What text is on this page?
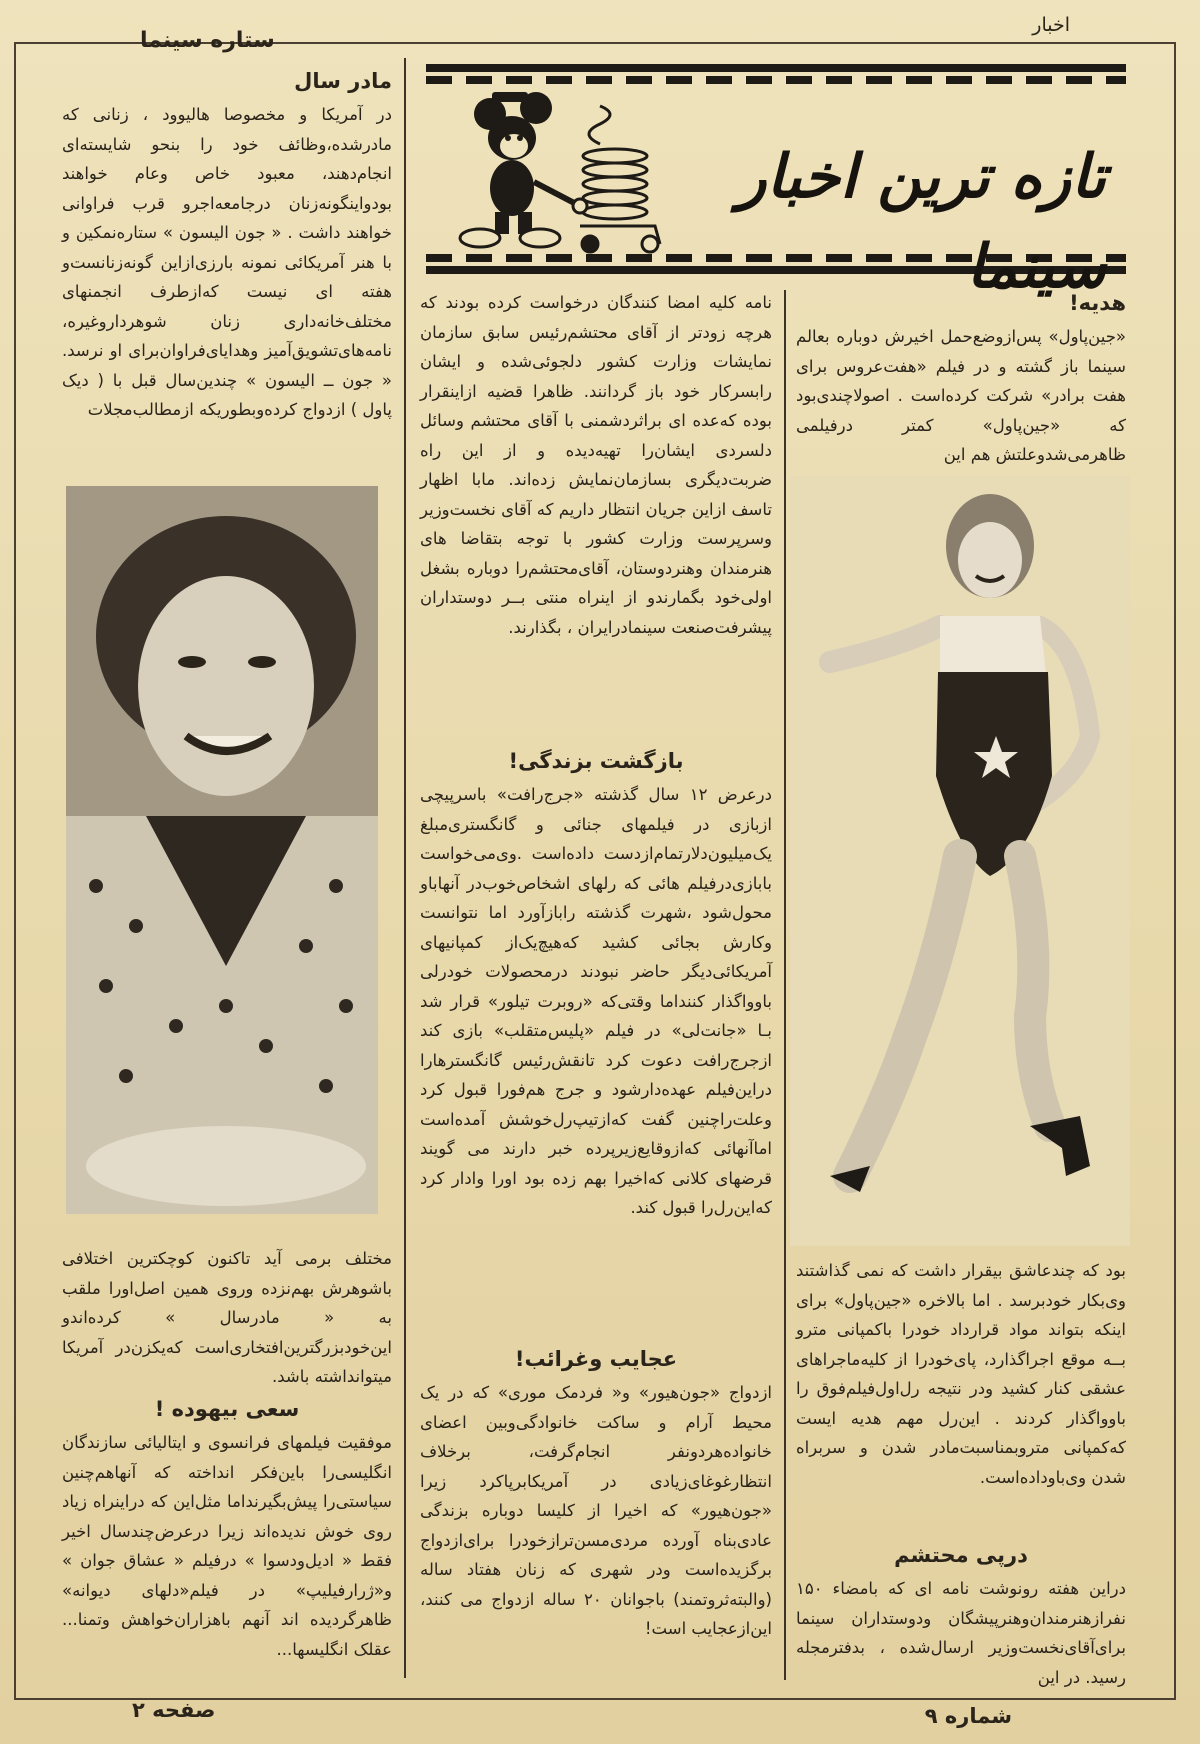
اخبار
ستاره سینما
تازه ترین اخبار سینما
مادر سال

در آمریکا و مخصوصا هالیوود ، زنانی که مادرشده،وظائف خود را بنحو شایسته‌ای انجام‌دهند، معبود خاص وعام خواهند بودواینگونه‌زنان درجامعه‌اجرو قرب فراوانی خواهند داشت . « جون الیسون » ستاره‌نمکین‌ و با هنر آمریکائی نمونه بارزی‌ازاین گونه‌زنانست‌و هفته ای نیست که‌ازطرف انجمنهای مختلف‌خانه‌داری زنان شوهردارو‌غیره، نامه‌های‌تشویق‌آمیز وهدایای‌فراوان‌برای او نرسد. « جون ــ الیسون » چندین‌سال قبل با ( دیک پاول ) ازدواج کرده‌وبطوریکه ازمطالب‌مجلات

مختلف برمی آید تاکنون کوچکترین اختلافی باشوهرش بهم‌نزده وروی همین اصل‌اورا ملقب به « مادرسال » کرده‌اندو این‌خودبزرگترین‌افتخاری‌است که‌یکزن‌در آمریکا میتوانداشته باشد.

سعی بیهوده !

موفقیت فیلمهای فرانسوی و ایتالیائی سازندگان انگلیسی‌را باین‌فکر انداخته که آنهاهم‌چنین سیاستی‌را پیش‌بگیرند‌اما مثل‌این که دراینراه زیاد روی خوش ندیده‌اند زیرا درعرض‌چندسال اخیر فقط « ادیل‌ودسوا » درفیلم « عشاق جوان » و«ژرارفیلیپ» در فیلم«دلهای دیوانه» ظاهرگردیده اند آنهم باهزاران‌خواهش وتمنا... عقلک انگلیسها...

نامه کلیه امضا کنندگان درخواست کرده بودند که هرچه زودتر از آقای محتشم‌رئیس سابق سازمان نمایشات وزارت کشور دلجوئی‌شده و ایشان رابسرکار خود باز گردانند. ظاهرا قضیه ازاینقرار بوده که‌عده ای براثردشمنی با آقای محتشم وسائل دلسردی ایشان‌را تهیه‌دیده و از این راه ضربت‌دیگری بسازمان‌نمایش زده‌اند. مابا اظهار تاسف ازاین جریان انتظار داریم که آقای نخست‌وزیر وسرپرست وزارت کشور با توجه بتقاضا های هنرمندان وهنردوستان، آقای‌محتشم‌را دوباره بشغل اولی‌خود بگمارندو از اینراه منتی بــر دوستداران پیشرفت‌صنعت سینمادرایران ، بگذارند.

بازگشت بزندگی!

درعرض ۱۲ سال گذشته «جرج‌رافت» باسرپیچی ازبازی در فیلمهای جنائی و گانگستری‌مبلغ یک‌میلیون‌دلارتمام‌ازدست داده‌است .وی‌می‌خواست بابازی‌درفیلم هائی که رلهای اشخاص‌خوب‌در آنهاباو محول‌شود ،شهرت گذشته رابازآورد اما نتوانست وکارش بجائی کشید که‌هیچ‌یک‌از کمپانیهای آمریکائی‌دیگر حاضر نبودند درمحصولات خودرلی باوواگذار کنند‌اما وقتی‌که «روبرت تیلور» قرار شد بـا «جانت‌لی» در فیلم «پلیس‌متقلب» بازی کند ازجرج‌رافت دعوت کرد تانقش‌رئیس گانگسترهارا دراین‌فیلم عهده‌دارشود و جرج هم‌فورا قبول کرد وعلت‌راچنین گفت که‌ازتیپ‌رل‌خوشش آمده‌است اماآنهائی که‌ازوقایع‌زیرپرده خبر دارند می گویند قرضهای کلانی که‌اخیرا بهم زده بود اورا وادار کرد که‌این‌رل‌را قبول کند.

عجایب وغرائب!

ازدواج «جون‌هیور» و« فردمک‌ موری» که در یک محیط آرام و ساکت خانوادگی‌وبین اعضای خانواده‌هردونفر انجام‌گرفت، برخلاف انتظار‌غوغای‌زیادی در آمریکابرپاکرد زیرا «جون‌هیور» که اخیرا از کلیسا دوباره بزندگی عادی‌بناه آورده مردی‌مسن‌تراز‌خودرا برای‌ازدواج برگزیده‌است ودر شهری که زنان هفتاد ساله (والبته‌ثروتمند) باجوانان ۲۰ ساله ازدواج می کنند، این‌ازعجایب است!

هدیه!

«جین‌پاول» پس‌ازوضع‌حمل اخیرش دوباره بعالم سینما باز گشته و در فیلم «هفت‌عروس برای هفت برادر» شرکت کرده‌است . اصولا‌چندی‌بود که «جین‌پاول» کمتر درفیلمی ظاهرمی‌شدوعلتش هم این

بود که چندعاشق بیقرار داشت که نمی گذاشتند وی‌بکار خودبرسد . اما بالاخره «جین‌پاول» برای اینکه بتواند مواد قرارداد خودرا باکمپانی مترو بــه موقع اجراگذارد، پای‌خودرا از کلیه‌ماجراهای عشقی کنار کشید ودر نتیجه رل‌اول‌فیلم‌فوق را باوواگذار کردند . این‌رل‌ مهم هدیه ایست که‌کمپانی مترو‌بمناسبت‌مادر شدن و سربراه شدن وی‌باوداده‌است.

درپی محتشم

دراین هفته رونوشت نامه ای که بامضاء ۱۵۰ نفراز‌هنرمندان‌وهنرپیشگان ودوستداران سینما برای‌آقای‌نخست‌وزیر ارسال‌شده ، بدفترمجله رسید. در این

شماره ۹
صفحه ۲
